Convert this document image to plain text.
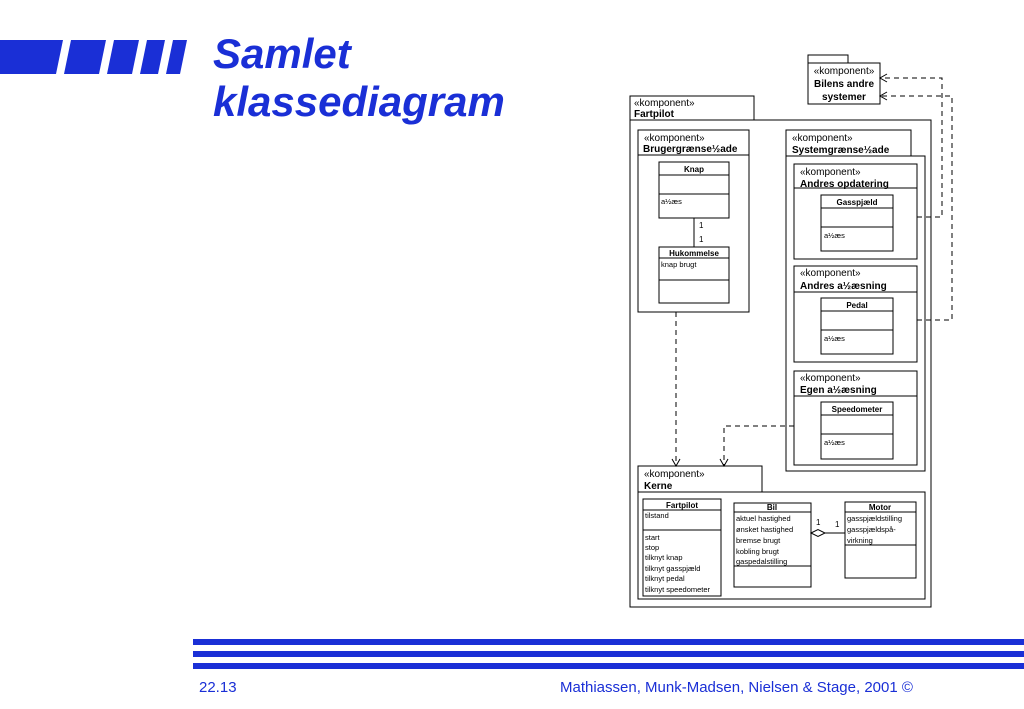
Samlet
klassediagram
«komponent»
Bilens andre
systemer
«komponent»
Fartpilot
«komponent»
Brugergrænse½ade
Knap
a½æs
1
1
Hukommelse
knap brugt
«komponent»
Systemgrænse½ade
«komponent»
Andres opdatering
Gasspjæld
a½æs
«komponent»
Andres a½æsning
Pedal
a½æs
«komponent»
Egen a½æsning
Speedometer
a½æs
«komponent»
Kerne
Fartpilot
tilstand
start
stop
tilknyt knap
tilknyt gasspjæld
tilknyt pedal
tilknyt speedometer
Bil
aktuel hastighed
ønsket hastighed
bremse brugt
kobling brugt
gaspedalstilling
1 1
Motor
gasspjældstilling
gasspjældspå-
virkning
22.13	Mathiassen, Munk-Madsen, Nielsen & Stage, 2001 ©
